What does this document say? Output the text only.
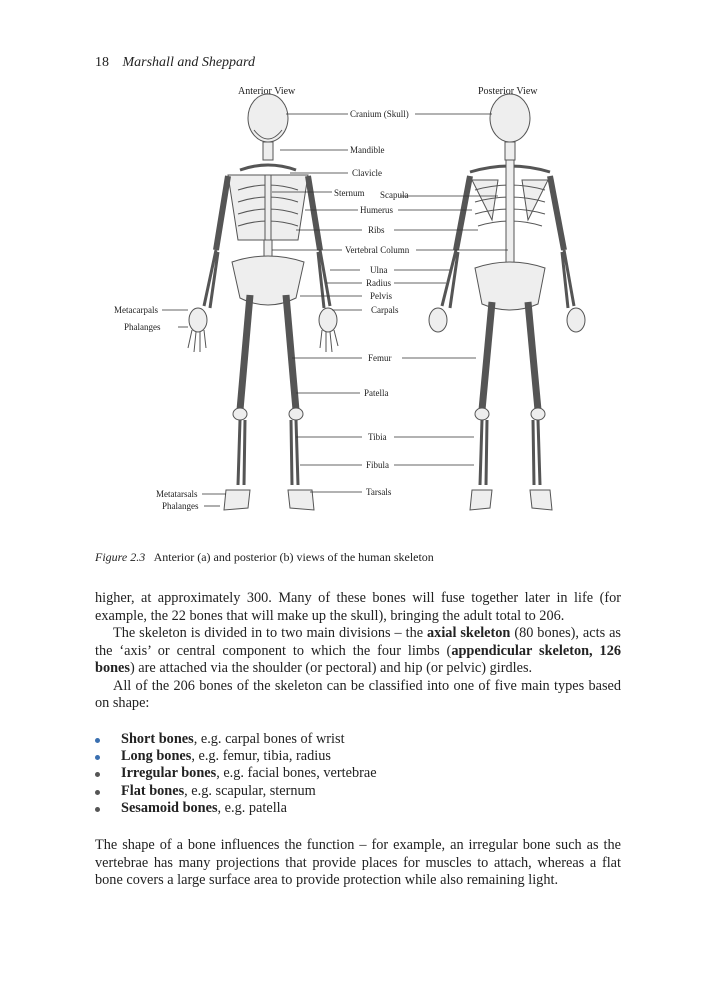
18 Marshall and Sheppard
Anterior View	Posterior View
Cranium (Skull)
Mandible
Clavicle
Sternum Scapula
Humerus
Ribs
Vertebral Column
Ulna
Radius
Pelvis
Carpals
Metacarpals
Phalanges
Femur
Patella
Tibia
Fibula
Tarsals
Metatarsals
Phalanges
Figure 2.3 Anterior (a) and posterior (b) views of the human skeleton
higher, at approximately 300. Many of these bones will fuse together later in life (for example, the 22 bones that will make up the skull), bringing the adult total to 206.
The skeleton is divided in to two main divisions – the axial skeleton (80 bones), acts as the ‘axis’ or central component to which the four limbs (appendicular skeleton, 126 bones) are attached via the shoulder (or pectoral) and hip (or pelvic) girdles.
All of the 206 bones of the skeleton can be classified into one of five main types based on shape:
Short bones, e.g. carpal bones of wrist
Long bones, e.g. femur, tibia, radius
Irregular bones, e.g. facial bones, vertebrae
Flat bones, e.g. scapular, sternum
Sesamoid bones, e.g. patella
The shape of a bone influences the function – for example, an irregular bone such as the vertebrae has many projections that provide places for muscles to attach, whereas a flat bone covers a large surface area to provide protection while also remaining light.
